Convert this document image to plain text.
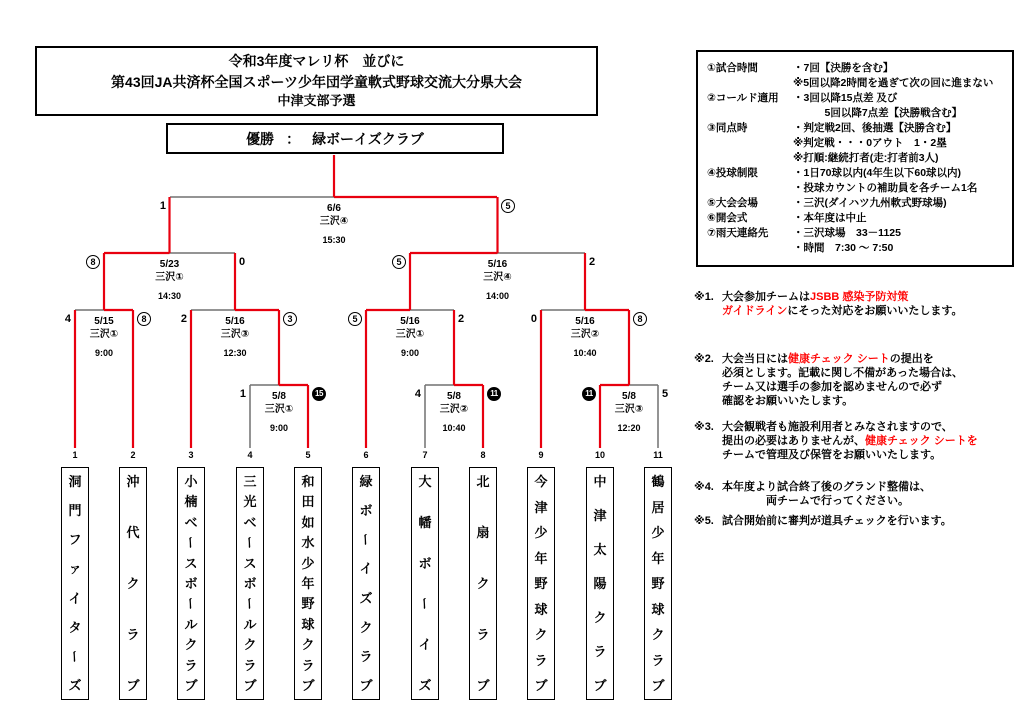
令和3年度マレリ杯　並びに
第43回JA共済杯全国スポーツ少年団学童軟式野球交流大分県大会
中津支部予選
優勝 ： 緑ボーイズクラブ
①試合時間	・7回【決勝を含む】
※5回以降2時間を過ぎて次の回に進まない
②コールド適用	・3回以降15点差 及び
　　　5回以降7点差【決勝戦含む】
③同点時	・判定戦2回、後抽選【決勝含む】
※判定戦・・・0アウト　1・2塁
※打順:継続打者(走:打者前3人)
④投球制限	・1日70球以内(4年生以下60球以内)
・投球カウントの補助員を各チーム1名
⑤大会会場	・三沢(ダイハツ九州軟式野球場)
⑥開会式	・本年度は中止
⑦雨天連絡先	・三沢球場　33－1125
・時間　7:30 ～ 7:50
※1. 大会参加チームはJSBB 感染予防対策
ガイドラインにそった対応をお願いいたします。
※2. 大会当日には健康チェック シートの提出を
必須とします。記載に関し不備があった場合は、
チーム又は選手の参加を認めませんので必ず
確認をお願いいたします。
※3. 大会観戦者も施設利用者とみなされますので、
提出の必要はありませんが、健康チェック シートを
チームで管理及び保管をお願いいたします。
※4. 本年度より試合終了後のグランド整備は、
　　　　両チームで行ってください。
※5. 試合開始前に審判が道具チェックを行います。
1	15
5/8
三沢①
9:00
4	11
5/8
三沢②
10:40
11	5
5/8
三沢③
12:20
4	8
5/15
三沢①
9:00
2	3
5/16
三沢③
12:30
5	2
5/16
三沢①
9:00
0	8
5/16
三沢②
10:40
8	0
5/23
三沢①
14:30
5	2
5/16
三沢④
14:00
1	5
6/6
三沢④
15:30
1
洞
門
フ
ァ
イ
タ
ー
ズ
2
沖
代
ク
ラ
ブ
3
小
楠
ベ
ー
ス
ボ
ー
ル
ク
ラ
ブ
4
三
光
ベ
ー
ス
ボ
ー
ル
ク
ラ
ブ
5
和
田
如
水
少
年
野
球
ク
ラ
ブ
6
緑
ボ
ー
イ
ズ
ク
ラ
ブ
7
大
幡
ボ
ー
イ
ズ
8
北
扇
ク
ラ
ブ
9
今
津
少
年
野
球
ク
ラ
ブ
10
中
津
太
陽
ク
ラ
ブ
11
鶴
居
少
年
野
球
ク
ラ
ブ
